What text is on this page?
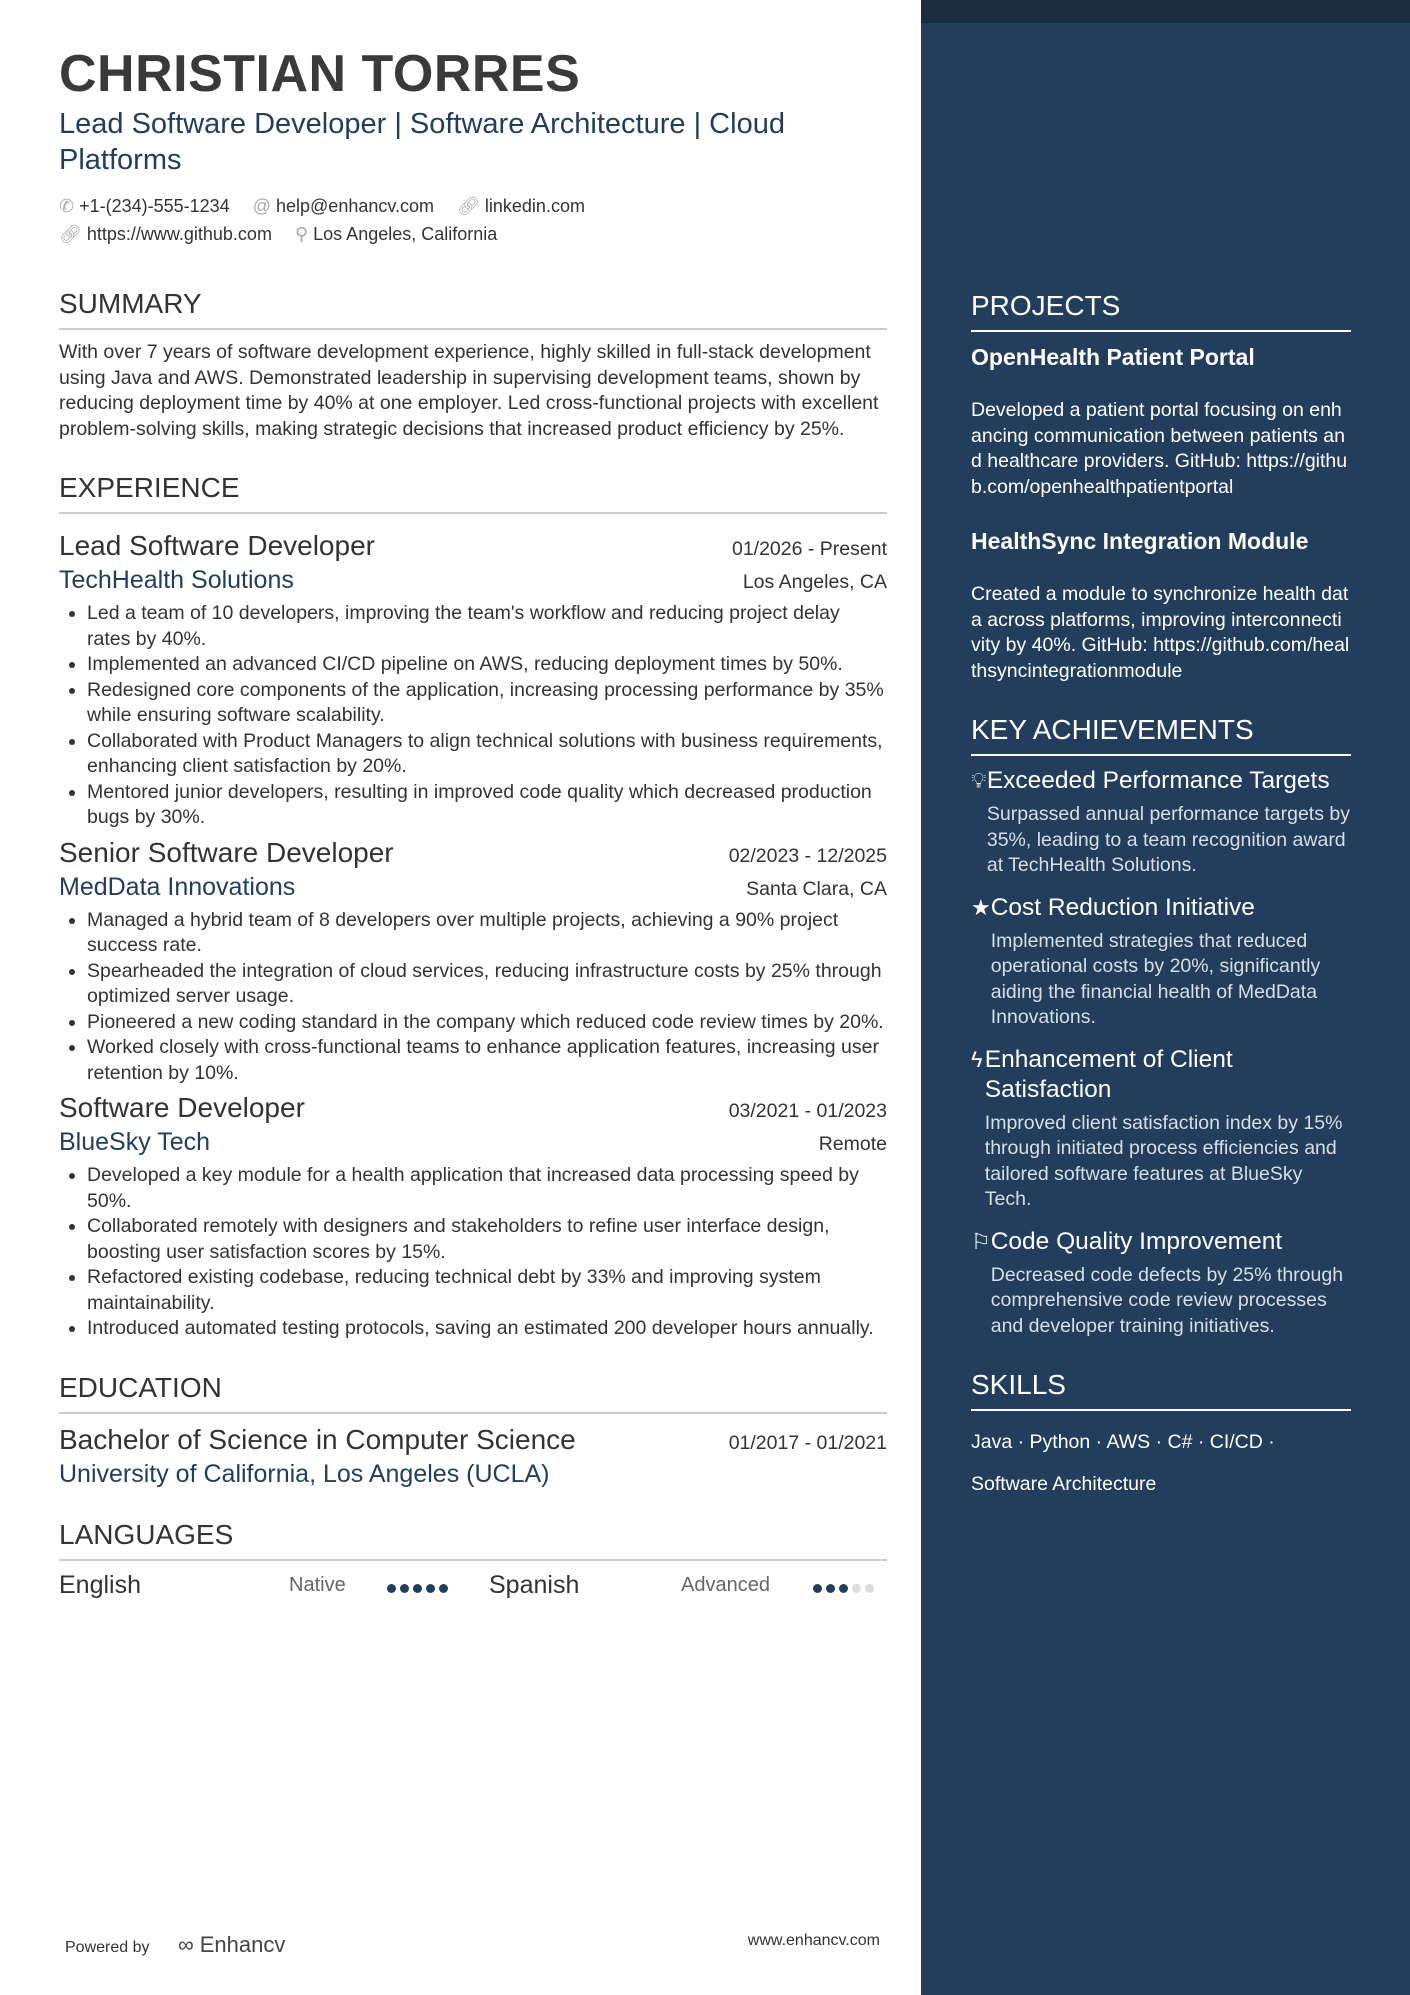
CHRISTIAN TORRES
Lead Software Developer | Software Architecture | Cloud Platforms
✆ +1-(234)-555-1234 @ help@enhancv.com 🔗︎ linkedin.com
🔗︎ https://www.github.com ⚲ Los Angeles, California
SUMMARY
With over 7 years of software development experience, highly skilled in full-stack development using Java and AWS. Demonstrated leadership in supervising development teams, shown by reducing deployment time by 40% at one employer. Led cross-functional projects with excellent problem-solving skills, making strategic decisions that increased product efficiency by 25%.
EXPERIENCE
Lead Software Developer	01/2026 - Present
TechHealth Solutions	Los Angeles, CA
• Led a team of 10 developers, improving the team's workflow and reducing project delay rates by 40%.
• Implemented an advanced CI/CD pipeline on AWS, reducing deployment times by 50%.
• Redesigned core components of the application, increasing processing performance by 35% while ensuring software scalability.
• Collaborated with Product Managers to align technical solutions with business requirements, enhancing client satisfaction by 20%.
• Mentored junior developers, resulting in improved code quality which decreased production bugs by 30%.
Senior Software Developer	02/2023 - 12/2025
MedData Innovations	Santa Clara, CA
• Managed a hybrid team of 8 developers over multiple projects, achieving a 90% project success rate.
• Spearheaded the integration of cloud services, reducing infrastructure costs by 25% through optimized server usage.
• Pioneered a new coding standard in the company which reduced code review times by 20%.
• Worked closely with cross-functional teams to enhance application features, increasing user retention by 10%.
Software Developer	03/2021 - 01/2023
BlueSky Tech	Remote
• Developed a key module for a health application that increased data processing speed by 50%.
• Collaborated remotely with designers and stakeholders to refine user interface design, boosting user satisfaction scores by 15%.
• Refactored existing codebase, reducing technical debt by 33% and improving system maintainability.
• Introduced automated testing protocols, saving an estimated 200 developer hours annually.
EDUCATION
Bachelor of Science in Computer Science	01/2017 - 01/2021
University of California, Los Angeles (UCLA)
LANGUAGES
English	Native	Spanish	Advanced
Powered by ∞ Enhancv	www.enhancv.com
PROJECTS
OpenHealth Patient Portal
Developed a patient portal focusing on enhancing communication between patients and healthcare providers. GitHub: https://github.com/openhealthpatientportal
HealthSync Integration Module
Created a module to synchronize health data across platforms, improving interconnectivity by 40%. GitHub: https://github.com/healthsyncintegrationmodule
KEY ACHIEVEMENTS
💡︎ Exceeded Performance Targets
Surpassed annual performance targets by 35%, leading to a team recognition award at TechHealth Solutions.
★ Cost Reduction Initiative
Implemented strategies that reduced operational costs by 20%, significantly aiding the financial health of MedData Innovations.
ϟ Enhancement of Client Satisfaction
Improved client satisfaction index by 15% through initiated process efficiencies and tailored software features at BlueSky Tech.
⚐ Code Quality Improvement
Decreased code defects by 25% through comprehensive code review processes and developer training initiatives.
SKILLS
Java · Python · AWS · C# · CI/CD ·
Software Architecture
